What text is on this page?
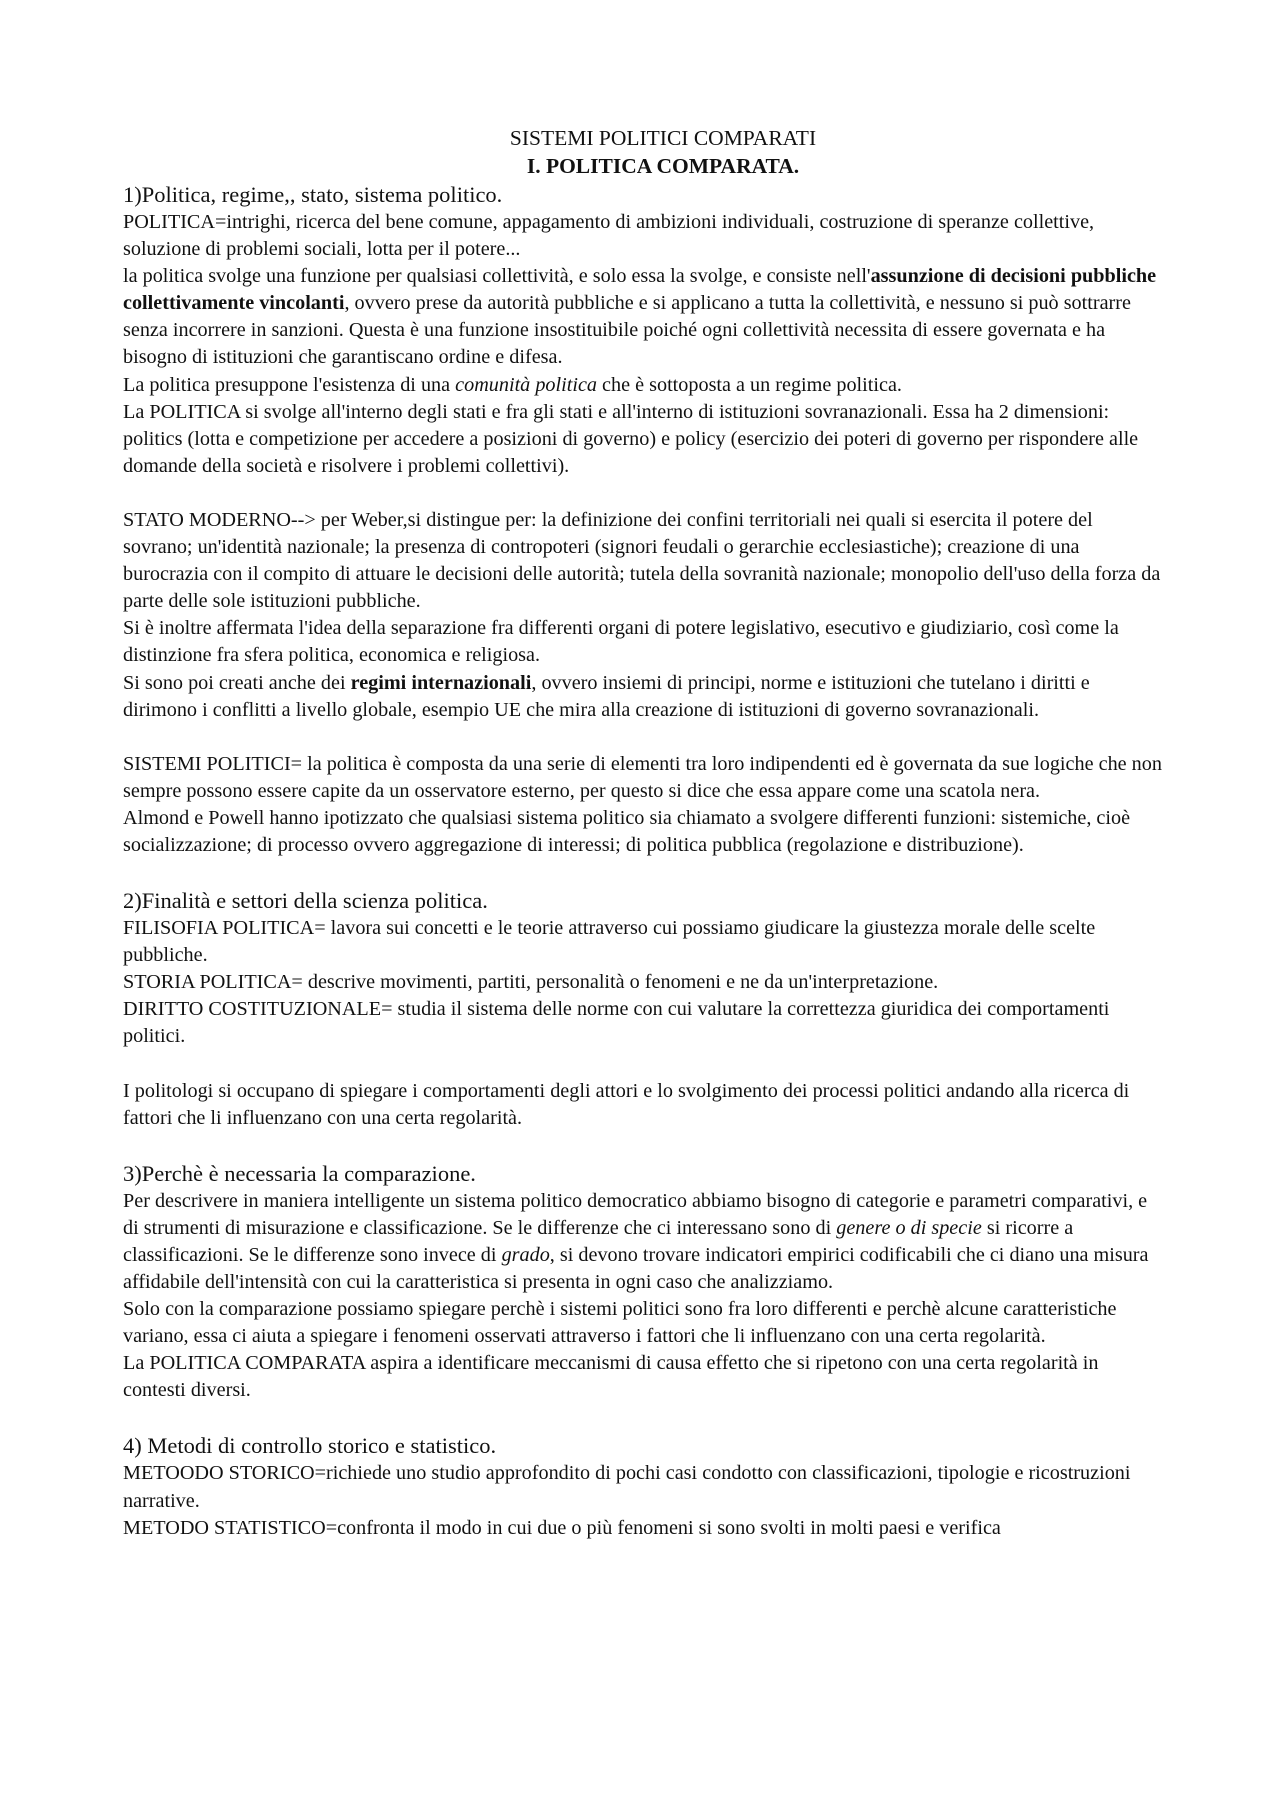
SISTEMI POLITICI COMPARATI
I. POLITICA COMPARATA.
1)Politica, regime,, stato, sistema politico.

POLITICA=intrighi, ricerca del bene comune, appagamento di ambizioni individuali, costruzione di speranze collettive, soluzione di problemi sociali, lotta per il potere...

la politica svolge una funzione per qualsiasi collettività, e solo essa la svolge, e consiste nell'assunzione di decisioni pubbliche collettivamente vincolanti, ovvero prese da autorità pubbliche e si applicano a tutta la collettività, e nessuno si può sottrarre senza incorrere in sanzioni. Questa è una funzione insostituibile poiché ogni collettività necessita di essere governata e ha bisogno di istituzioni che garantiscano ordine e difesa.

La politica presuppone l'esistenza di una comunità politica che è sottoposta a un regime politica.

La POLITICA si svolge all'interno degli stati e fra gli stati e all'interno di istituzioni sovranazionali. Essa ha 2 dimensioni: politics (lotta e competizione per accedere a posizioni di governo) e policy (esercizio dei poteri di governo per rispondere alle domande della società e risolvere i problemi collettivi).

STATO MODERNO--> per Weber,si distingue per: la definizione dei confini territoriali nei quali si esercita il potere del sovrano; un'identità nazionale; la presenza di contropoteri (signori feudali o gerarchie ecclesiastiche); creazione di una burocrazia con il compito di attuare le decisioni delle autorità; tutela della sovranità nazionale; monopolio dell'uso della forza da parte delle sole istituzioni pubbliche.

Si è inoltre affermata l'idea della separazione fra differenti organi di potere legislativo, esecutivo e giudiziario, così come la distinzione fra sfera politica, economica e religiosa.

Si sono poi creati anche dei regimi internazionali, ovvero insiemi di principi, norme e istituzioni che tutelano i diritti e dirimono i conflitti a livello globale, esempio UE che mira alla creazione di istituzioni di governo sovranazionali.

SISTEMI POLITICI= la politica è composta da una serie di elementi tra loro indipendenti ed è governata da sue logiche che non sempre possono essere capite da un osservatore esterno, per questo si dice che essa appare come una scatola nera.

Almond e Powell hanno ipotizzato che qualsiasi sistema politico sia chiamato a svolgere differenti funzioni: sistemiche, cioè socializzazione; di processo ovvero aggregazione di interessi; di politica pubblica (regolazione e distribuzione).

2)Finalità e settori della scienza politica.

FILISOFIA POLITICA= lavora sui concetti e le teorie attraverso cui possiamo giudicare la giustezza morale delle scelte pubbliche.

STORIA POLITICA= descrive movimenti, partiti, personalità o fenomeni e ne da un'interpretazione.

DIRITTO COSTITUZIONALE= studia il sistema delle norme con cui valutare la correttezza giuridica dei comportamenti politici.

I politologi si occupano di spiegare i comportamenti degli attori e lo svolgimento dei processi politici andando alla ricerca di fattori che li influenzano con una certa regolarità.

3)Perchè è necessaria la comparazione.

Per descrivere in maniera intelligente un sistema politico democratico abbiamo bisogno di categorie e parametri comparativi, e di strumenti di misurazione e classificazione. Se le differenze che ci interessano sono di genere o di specie si ricorre a classificazioni. Se le differenze sono invece di grado, si devono trovare indicatori empirici codificabili che ci diano una misura affidabile dell'intensità con cui la caratteristica si presenta in ogni caso che analizziamo.

Solo con la comparazione possiamo spiegare perchè i sistemi politici sono fra loro differenti e perchè alcune caratteristiche variano, essa ci aiuta a spiegare i fenomeni osservati attraverso i fattori che li influenzano con una certa regolarità.

La POLITICA COMPARATA aspira a identificare meccanismi di causa effetto che si ripetono con una certa regolarità in contesti diversi.

4) Metodi di controllo storico e statistico.

METOODO STORICO=richiede uno studio approfondito di pochi casi condotto con classificazioni, tipologie e ricostruzioni narrative.

METODO STATISTICO=confronta il modo in cui due o più fenomeni si sono svolti in molti paesi e verifica
